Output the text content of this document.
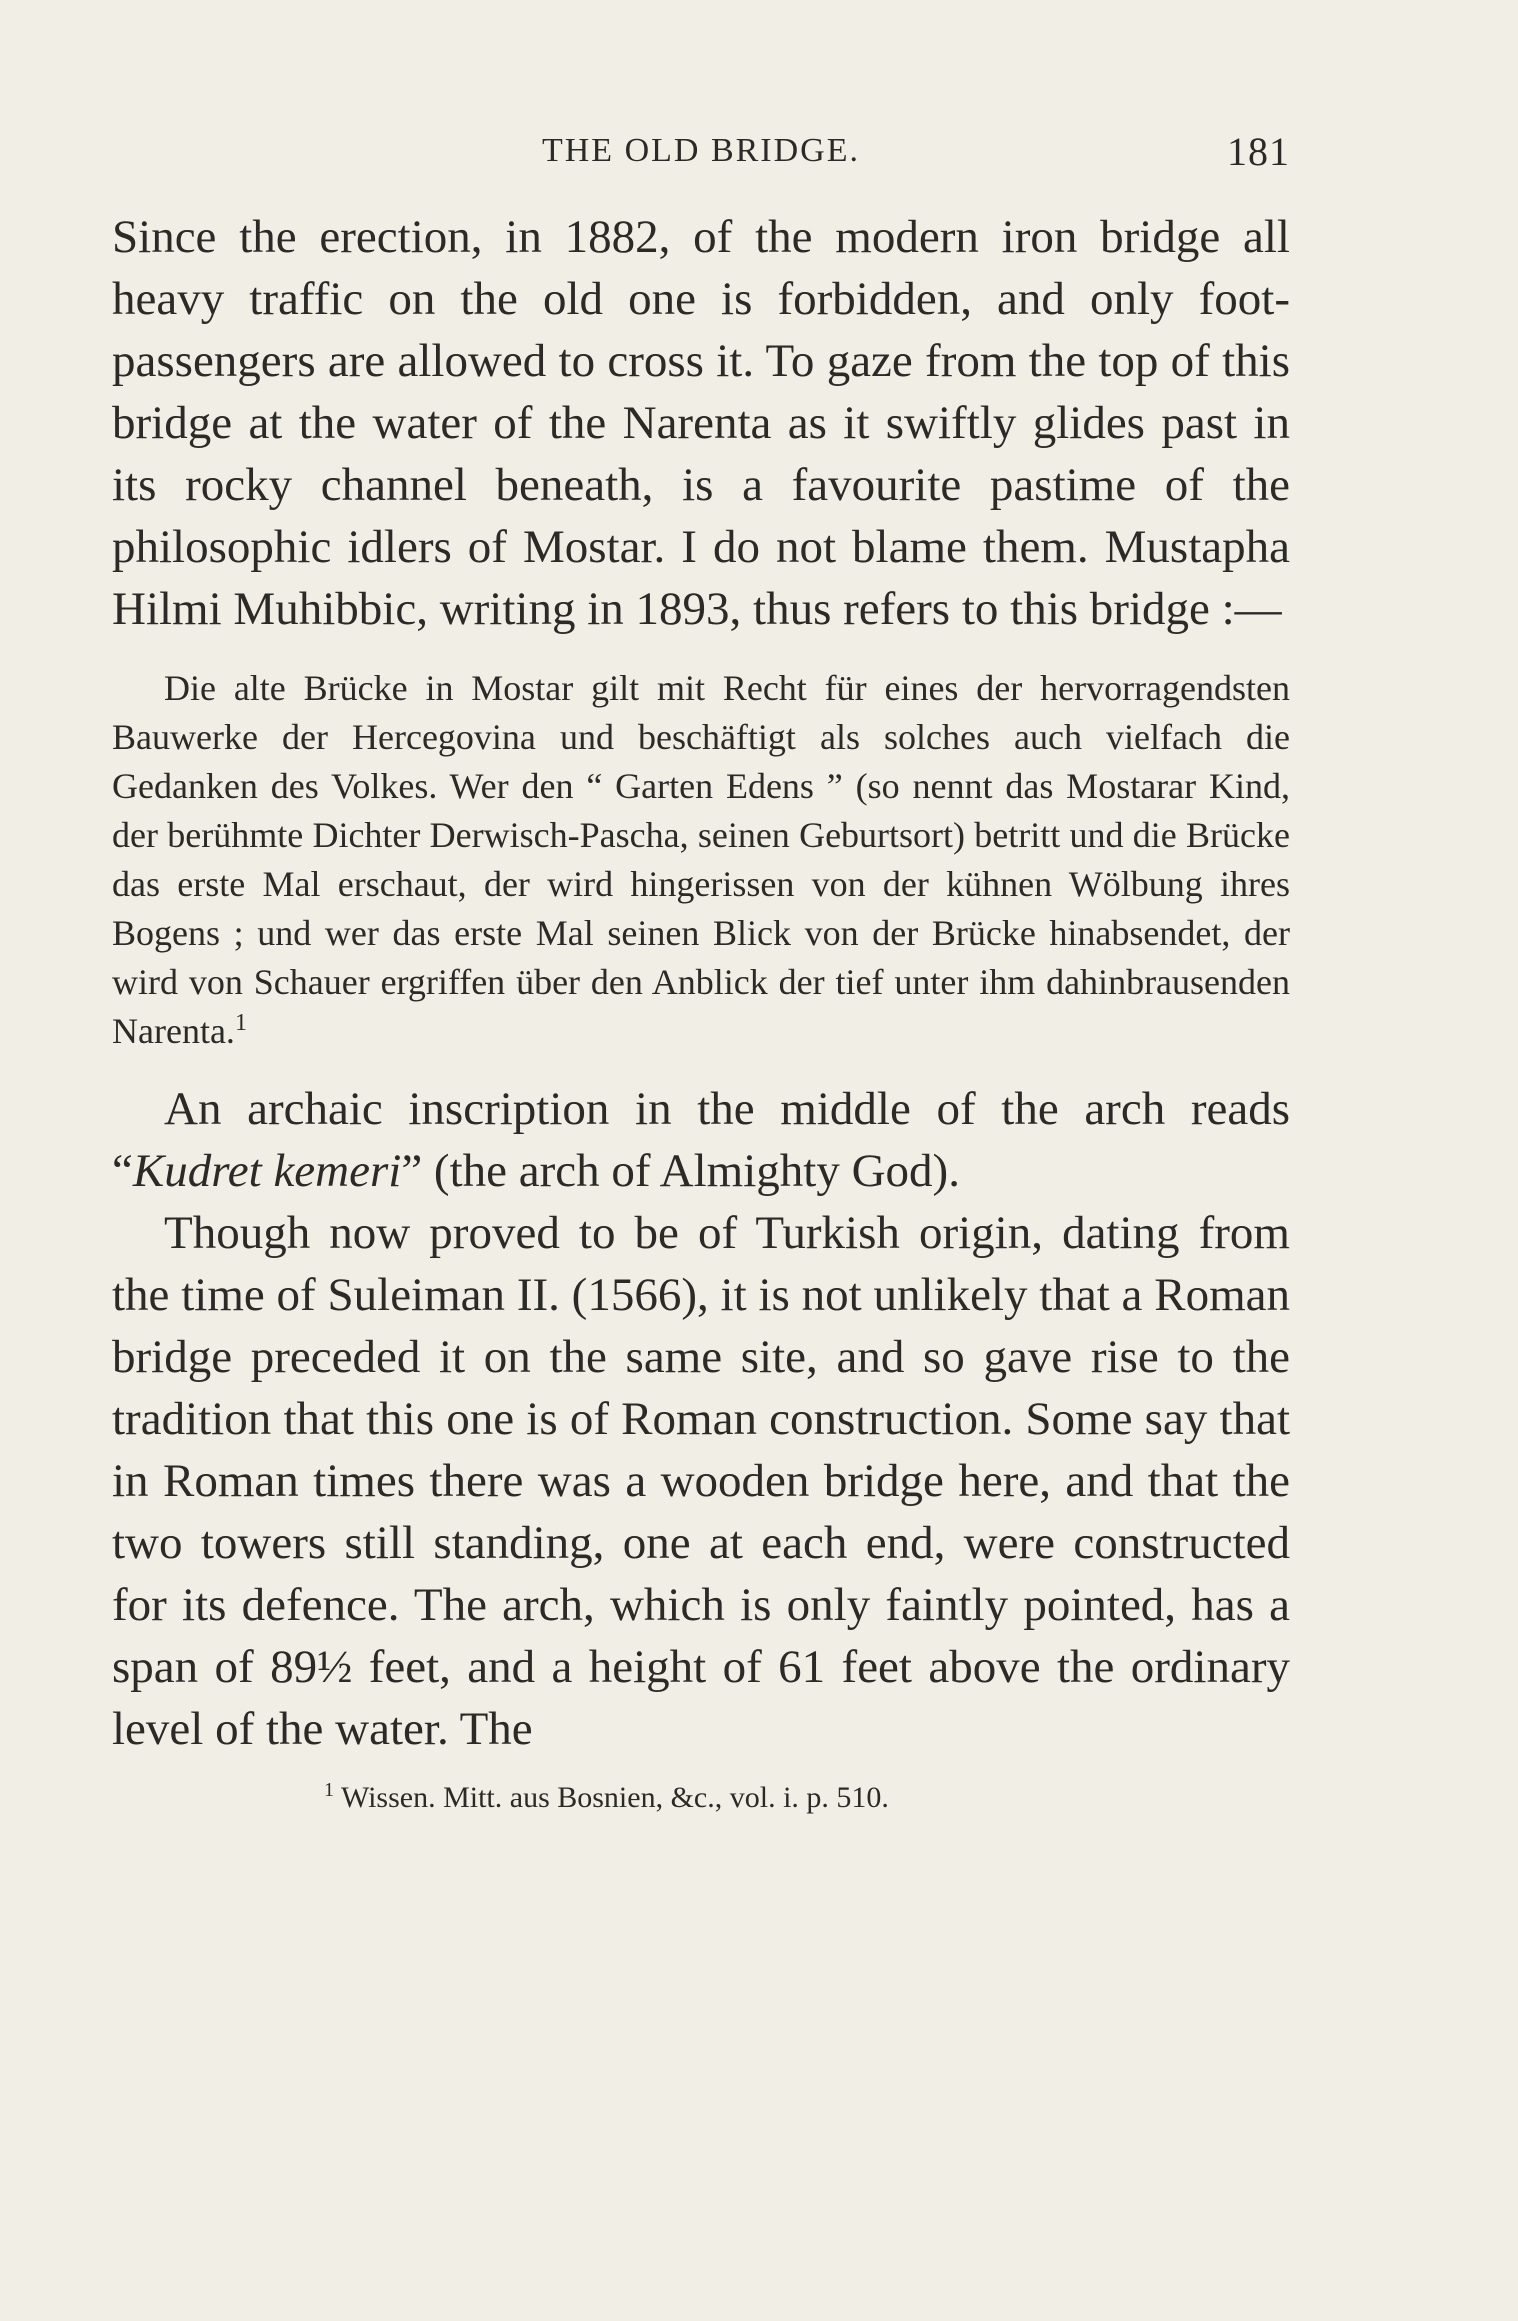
THE OLD BRIDGE.	181

Since the erection, in 1882, of the modern iron bridge all heavy traffic on the old one is forbidden, and only foot-passengers are allowed to cross it. To gaze from the top of this bridge at the water of the Narenta as it swiftly glides past in its rocky channel beneath, is a favourite pastime of the philosophic idlers of Mostar. I do not blame them. Mustapha Hilmi Muhibbic, writing in 1893, thus refers to this bridge :—

Die alte Brücke in Mostar gilt mit Recht für eines der hervorragendsten Bauwerke der Hercegovina und beschäftigt als solches auch vielfach die Gedanken des Volkes. Wer den “ Garten Edens ” (so nennt das Mostarar Kind, der berühmte Dichter Derwisch-Pascha, seinen Geburtsort) betritt und die Brücke das erste Mal erschaut, der wird hingerissen von der kühnen Wölbung ihres Bogens ; und wer das erste Mal seinen Blick von der Brücke hinabsendet, der wird von Schauer ergriffen über den Anblick der tief unter ihm dahinbrausenden Narenta.$^1$

An archaic inscription in the middle of the arch reads “Kudret kemeri” (the arch of Almighty God).

Though now proved to be of Turkish origin, dating from the time of Suleiman II. (1566), it is not unlikely that a Roman bridge preceded it on the same site, and so gave rise to the tradition that this one is of Roman construction. Some say that in Roman times there was a wooden bridge here, and that the two towers still standing, one at each end, were constructed for its defence. The arch, which is only faintly pointed, has a span of 89½ feet, and a height of 61 feet above the ordinary level of the water. The

$^1$ Wissen. Mitt. aus Bosnien, &c., vol. i. p. 510.
